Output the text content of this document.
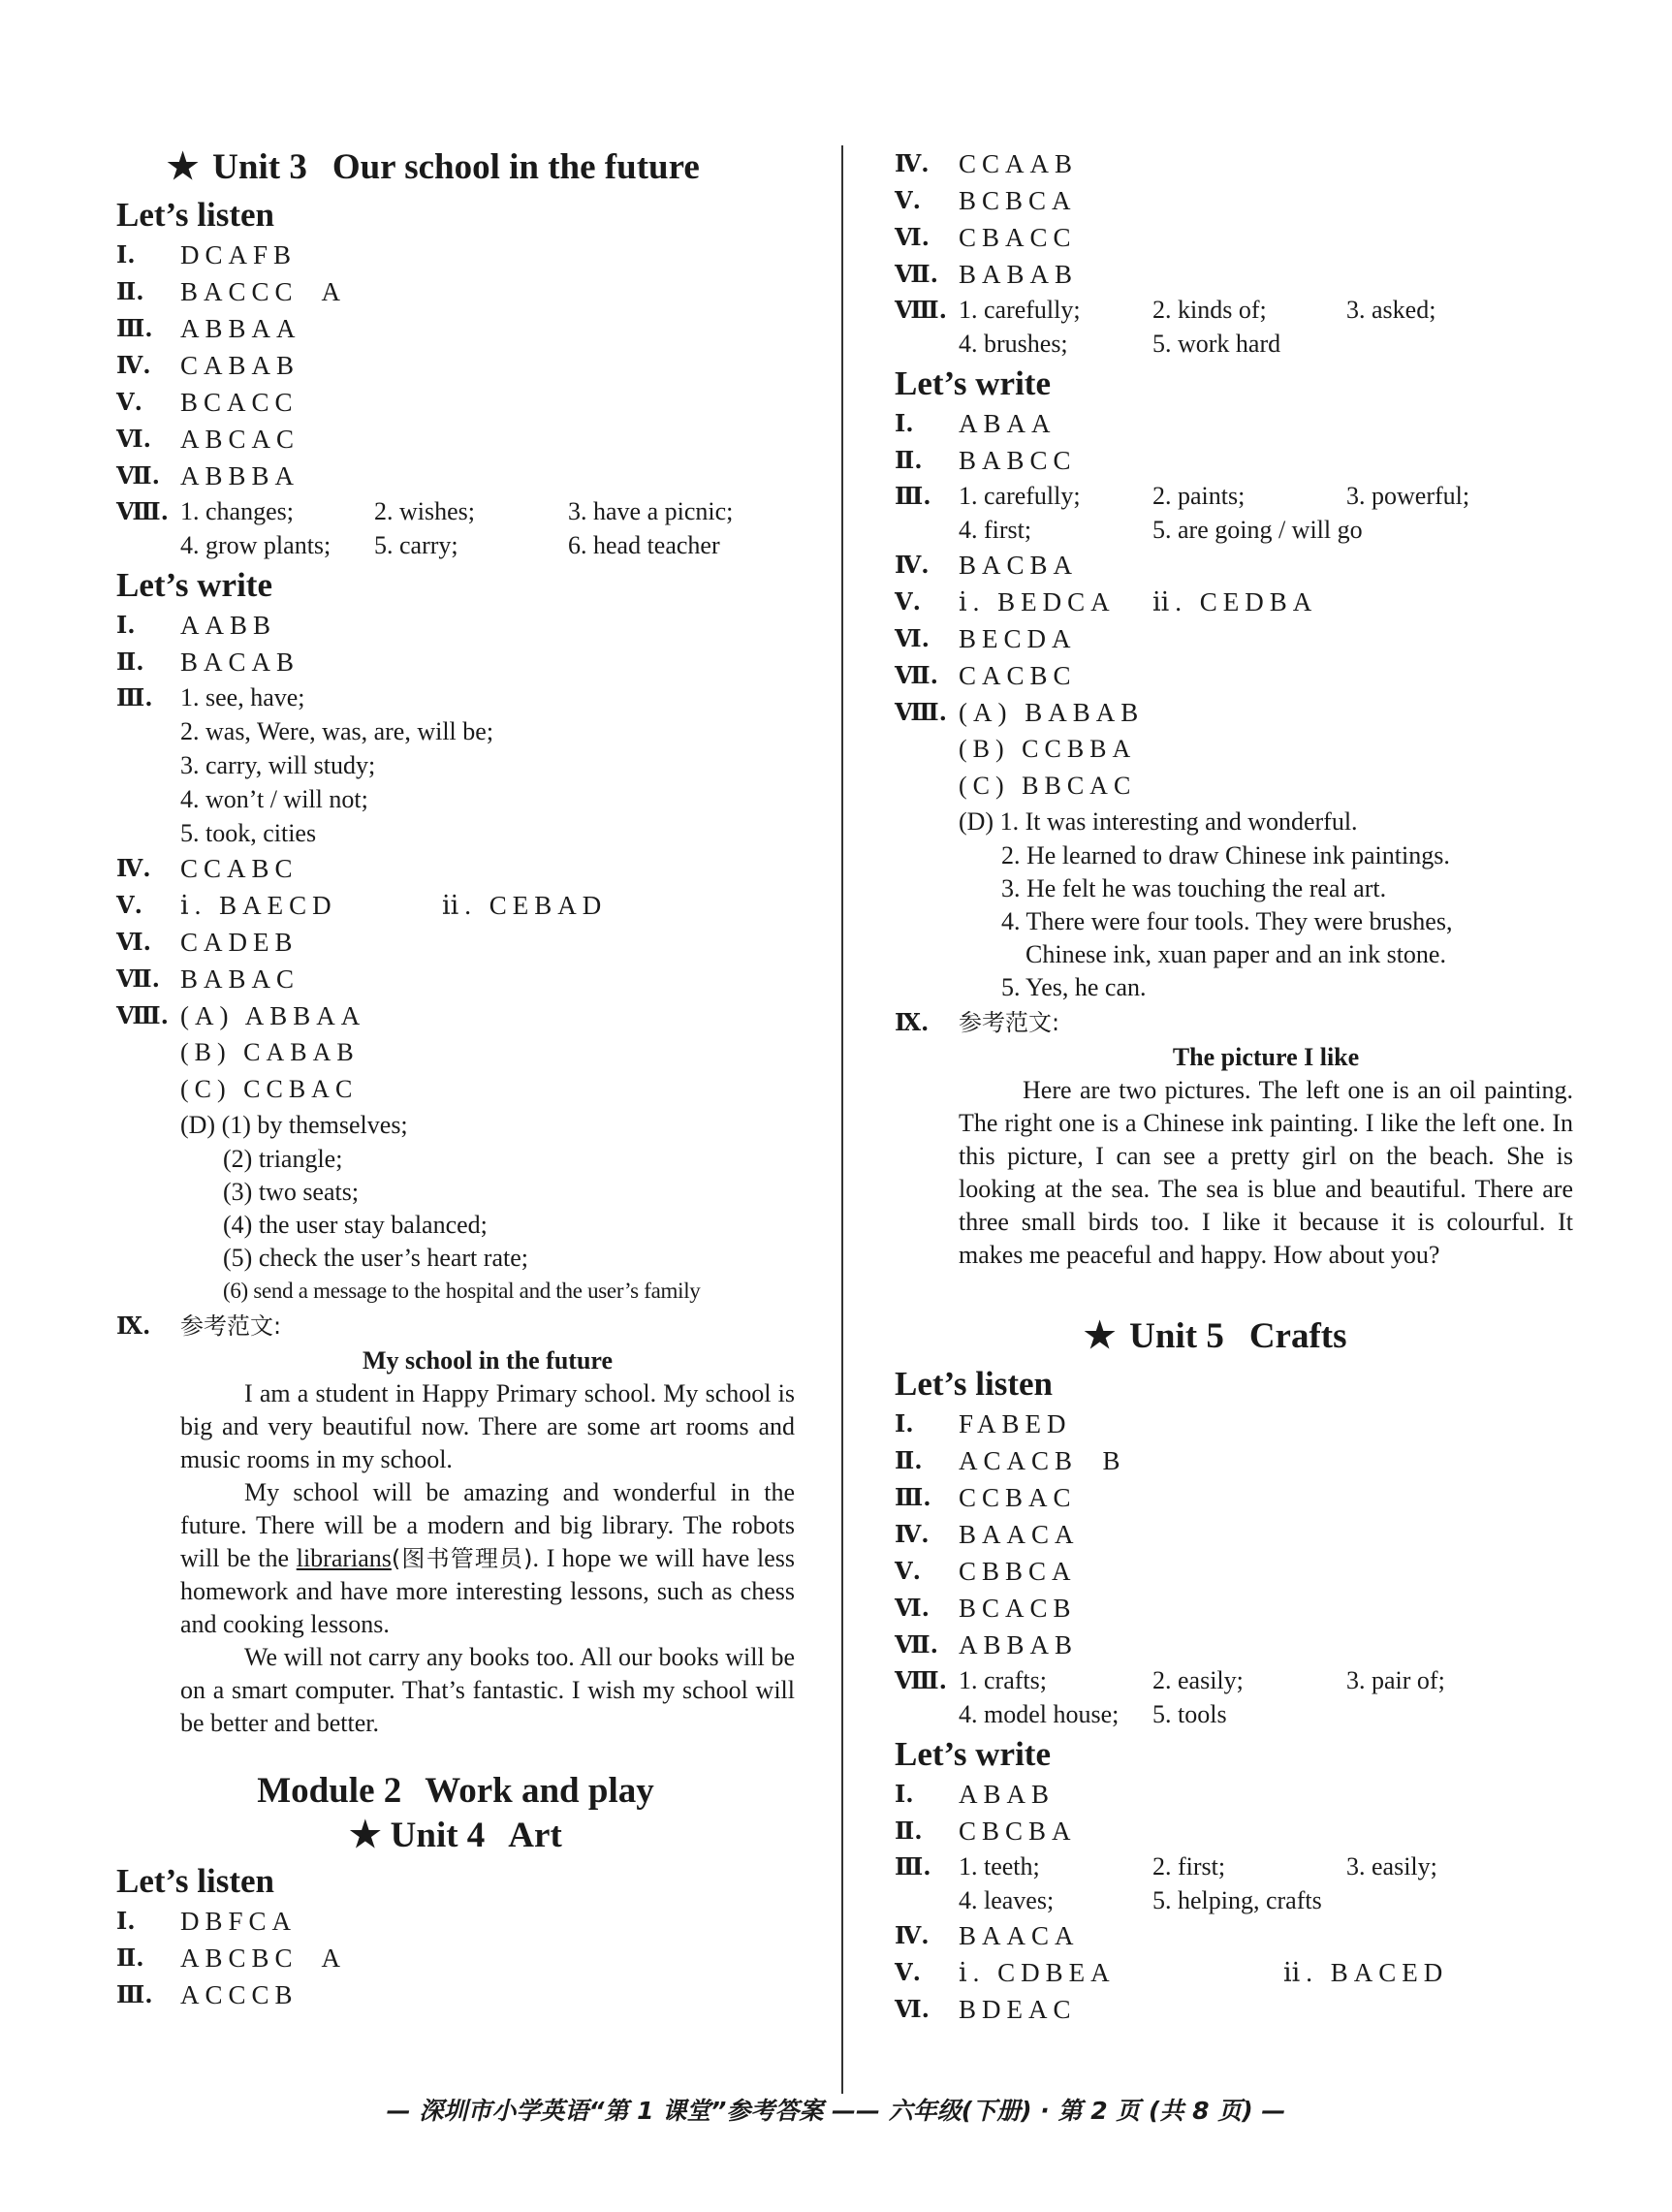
★ Unit 3 Our school in the future
Let’s listen
Ⅰ.	DCAFB
Ⅱ.	BACCC  A
Ⅲ.	ABBAA
Ⅳ.	CABAB
Ⅴ.	BCACC
Ⅵ.	ABCAC
Ⅶ. ABBBA
Ⅷ. 1. changes;	2. wishes;	3. have a picnic;
4. grow plants; 5. carry;	6. head teacher
Let’s write
Ⅰ.	AABB
Ⅱ.	BACAB
Ⅲ.	1. see, have;
2. was, Were, was, are, will be;
3. carry, will study;
4. won’t / will not;
5. took, cities
Ⅳ.	CCABC
Ⅴ.	ⅰ. BAECD	ⅱ. CEBAD
Ⅵ.	CADEB
Ⅶ. BABAC
Ⅷ. (A) ABBAA
(B) CABAB
(C) CCBAC
(D) (1) by themselves;
(2) triangle;
(3) two seats;
(4) the user stay balanced;
(5) check the user’s heart rate;
(6) send a message to the hospital and the user’s family
Ⅸ.	参考范文:
My school in the future

I am a student in Happy Primary school. My school is big and very beautiful now. There are some art rooms and music rooms in my school.

My school will be amazing and wonderful in the future. There will be a modern and big library. The robots will be the librarians(图书管理员). I hope we will have less homework and have more interesting lessons, such as chess and cooking lessons.

We will not carry any books too. All our books will be on a smart computer. That’s fantastic. I wish my school will be better and better.

Module 2 Work and play
★ Unit 4 Art
Let’s listen
Ⅰ.	DBFCA
Ⅱ.	ABCBC  A
Ⅲ.	ACCCB
Ⅳ.	CCAAB
Ⅴ.	BCBCA
Ⅵ.	CBACC
Ⅶ. BABAB
Ⅷ. 1. carefully;	2. kinds of;	3. asked;
4. brushes;	5. work hard
Let’s write
Ⅰ.	ABAA
Ⅱ.	BABCC
Ⅲ.	1. carefully;	2. paints;	3. powerful;
4. first;	5. are going / will go
Ⅳ.	BACBA
Ⅴ.	ⅰ. BEDCA	ⅱ. CEDBA
Ⅵ.	BECDA
Ⅶ. CACBC
Ⅷ. (A) BABAB
(B) CCBBA
(C) BBCAC
(D) 1. It was interesting and wonderful.
2. He learned to draw Chinese ink paintings.
3. He felt he was touching the real art.
4. There were four tools. They were brushes,
Chinese ink, xuan paper and an ink stone.
5. Yes, he can.
Ⅸ.	参考范文:
The picture I like

Here are two pictures. The left one is an oil painting. The right one is a Chinese ink painting. I like the left one. In this picture, I can see a pretty girl on the beach. She is looking at the sea. The sea is blue and beautiful. There are three small birds too. I like it because it is colourful. It makes me peaceful and happy. How about you?

★ Unit 5 Crafts
Let’s listen
Ⅰ.	FABED
Ⅱ.	ACACB  B
Ⅲ.	CCBAC
Ⅳ.	BAACA
Ⅴ.	CBBCA
Ⅵ.	BCACB
Ⅶ. ABBAB
Ⅷ. 1. crafts;	2. easily;	3. pair of;
4. model house; 5. tools
Let’s write
Ⅰ.	ABAB
Ⅱ.	CBCBA
Ⅲ.	1. teeth;	2. first;	3. easily;
4. leaves;	5. helping, crafts
Ⅳ.	BAACA
Ⅴ.	ⅰ. CDBEA	ⅱ. BACED
Ⅵ.	BDEAC
— 深圳市小学英语“第 1 课堂”参考答案 —— 六年级(下册) · 第 2 页 (共 8 页) —
